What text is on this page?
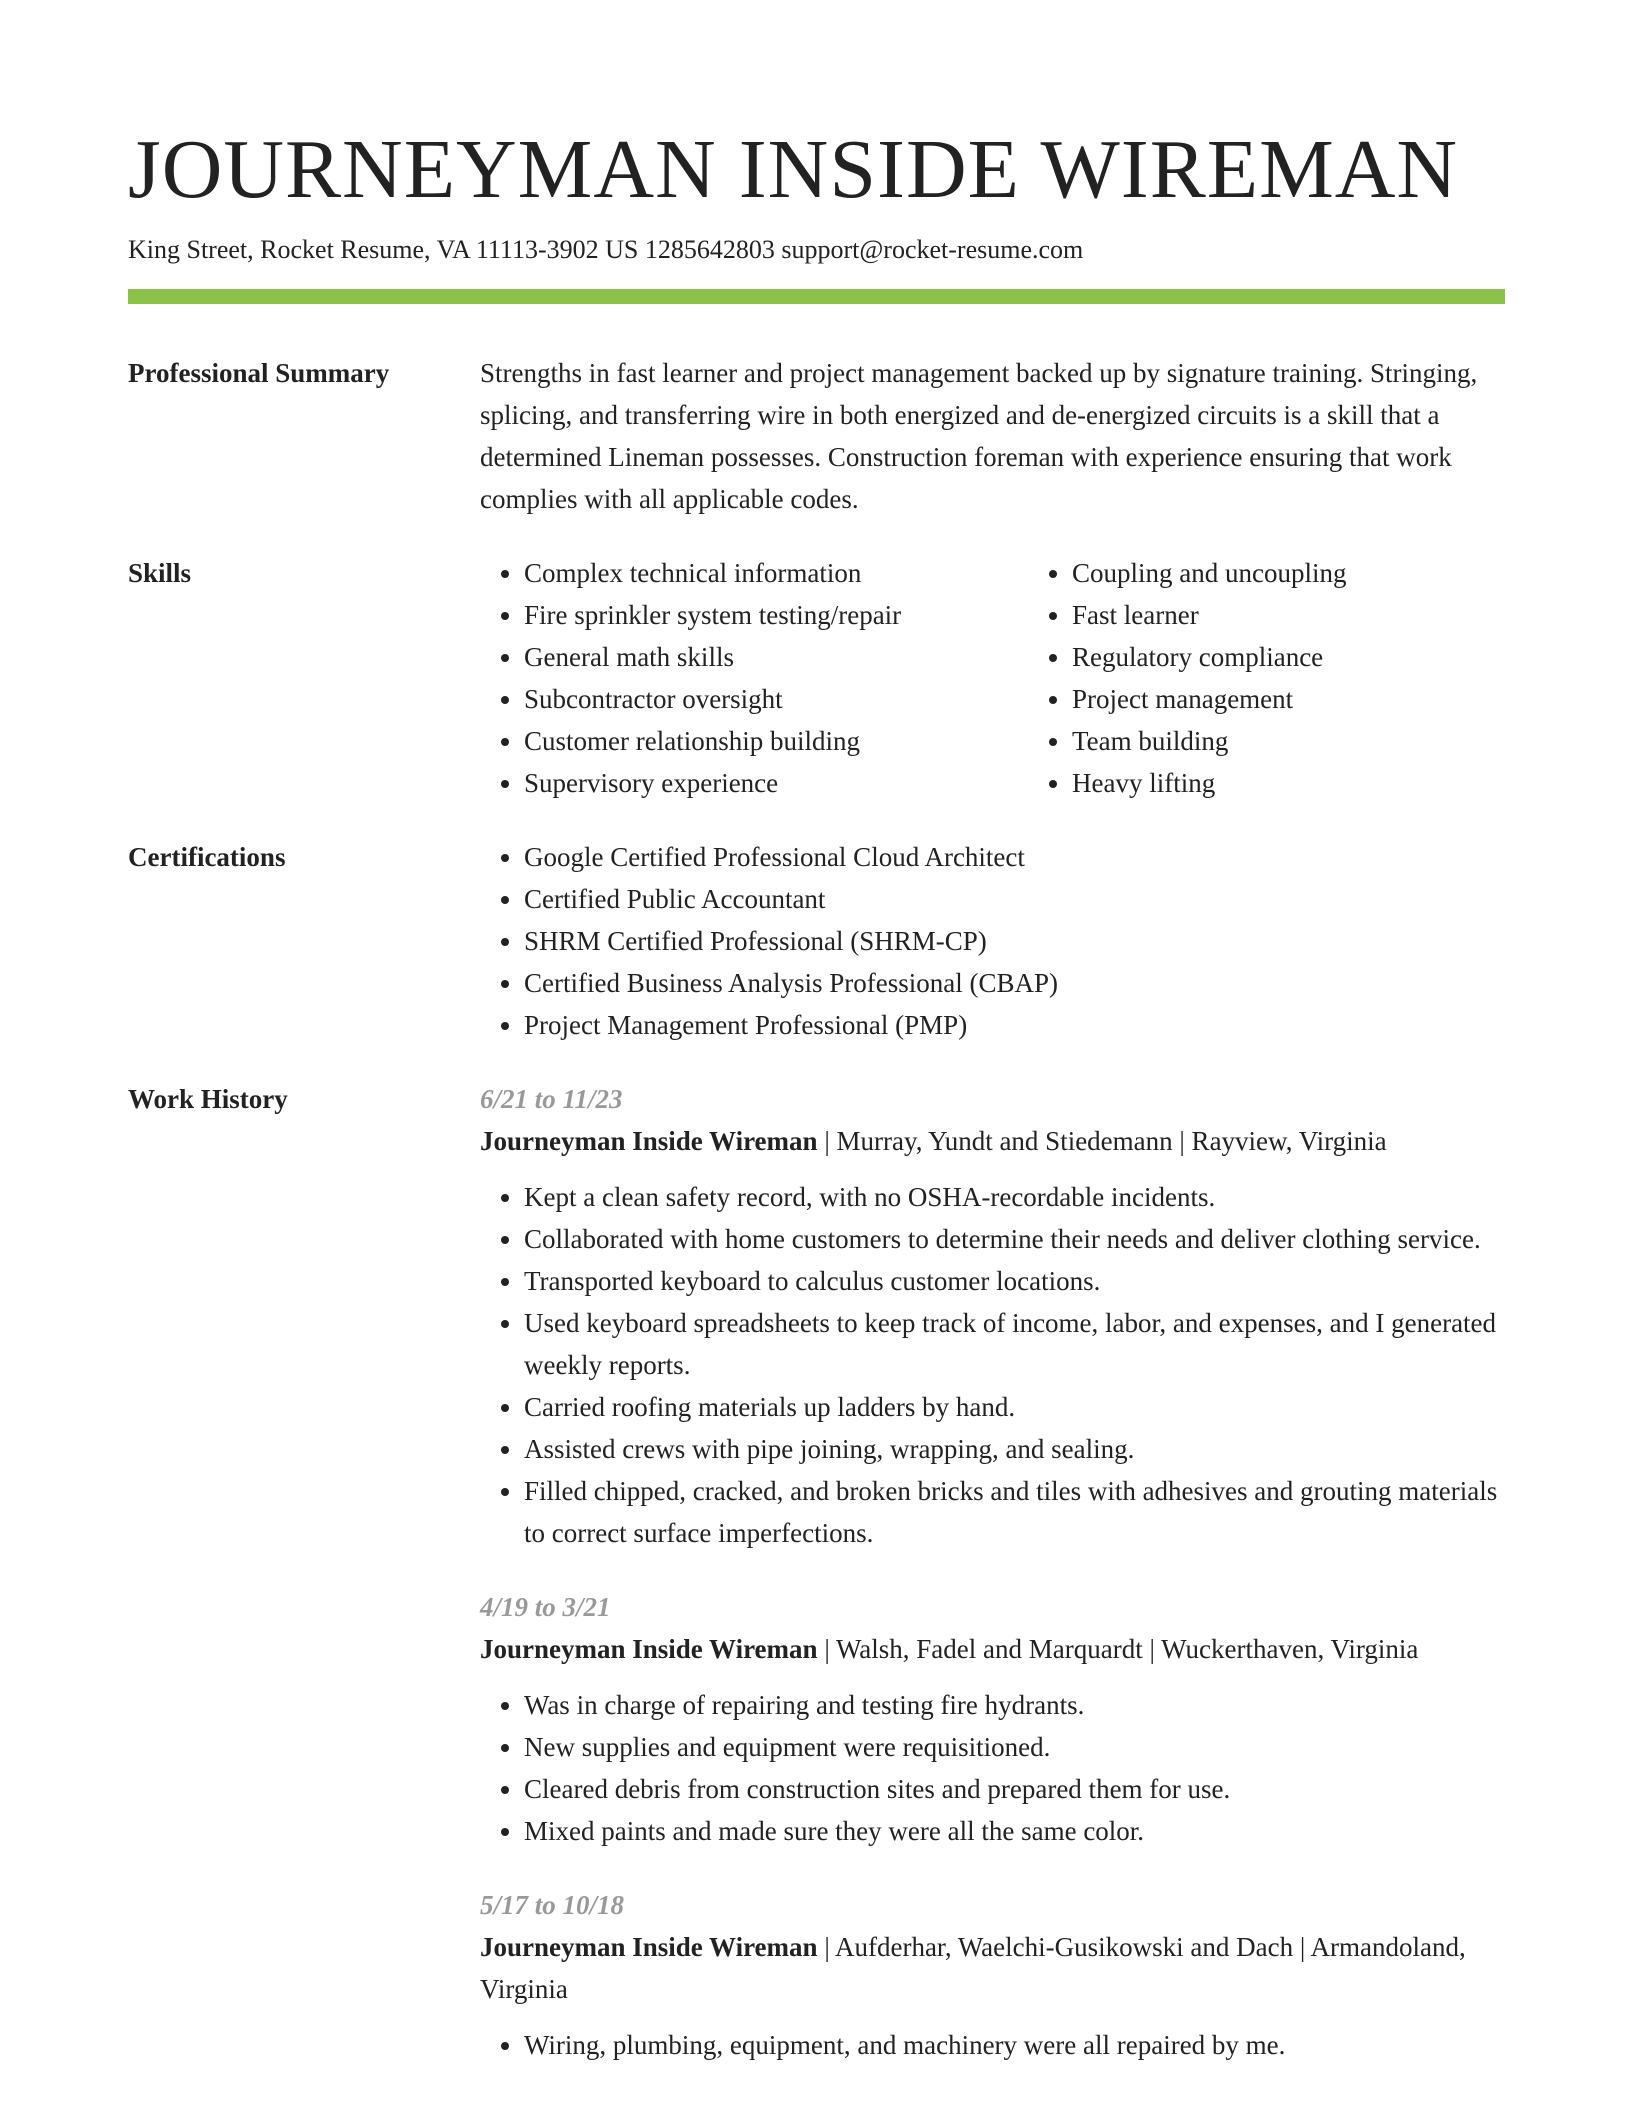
JOURNEYMAN INSIDE WIREMAN
King Street, Rocket Resume, VA 11113-3902 US 1285642803 support@rocket-resume.com
Professional Summary	Strengths in fast learner and project management backed up by signature training. Stringing, splicing, and transferring wire in both energized and de-energized circuits is a skill that a determined Lineman possesses. Construction foreman with experience ensuring that work complies with all applicable codes.

Skills	• Complex technical information
• Fire sprinkler system testing/repair
• General math skills
• Subcontractor oversight
• Customer relationship building
• Supervisory experience
• Coupling and uncoupling
• Fast learner
• Regulatory compliance
• Project management
• Team building
• Heavy lifting
Certifications	• Google Certified Professional Cloud Architect
• Certified Public Accountant
• SHRM Certified Professional (SHRM-CP)
• Certified Business Analysis Professional (CBAP)
• Project Management Professional (PMP)
Work History	6/21 to 11/23
Journeyman Inside Wireman | Murray, Yundt and Stiedemann | Rayview, Virginia
• Kept a clean safety record, with no OSHA-recordable incidents.
• Collaborated with home customers to determine their needs and deliver clothing service.
• Transported keyboard to calculus customer locations.
• Used keyboard spreadsheets to keep track of income, labor, and expenses, and I generated weekly reports.
• Carried roofing materials up ladders by hand.
• Assisted crews with pipe joining, wrapping, and sealing.
• Filled chipped, cracked, and broken bricks and tiles with adhesives and grouting materials to correct surface imperfections.
4/19 to 3/21
Journeyman Inside Wireman | Walsh, Fadel and Marquardt | Wuckerthaven, Virginia
• Was in charge of repairing and testing fire hydrants.
• New supplies and equipment were requisitioned.
• Cleared debris from construction sites and prepared them for use.
• Mixed paints and made sure they were all the same color.
5/17 to 10/18
Journeyman Inside Wireman | Aufderhar, Waelchi-Gusikowski and Dach | Armandoland, Virginia
• Wiring, plumbing, equipment, and machinery were all repaired by me.
